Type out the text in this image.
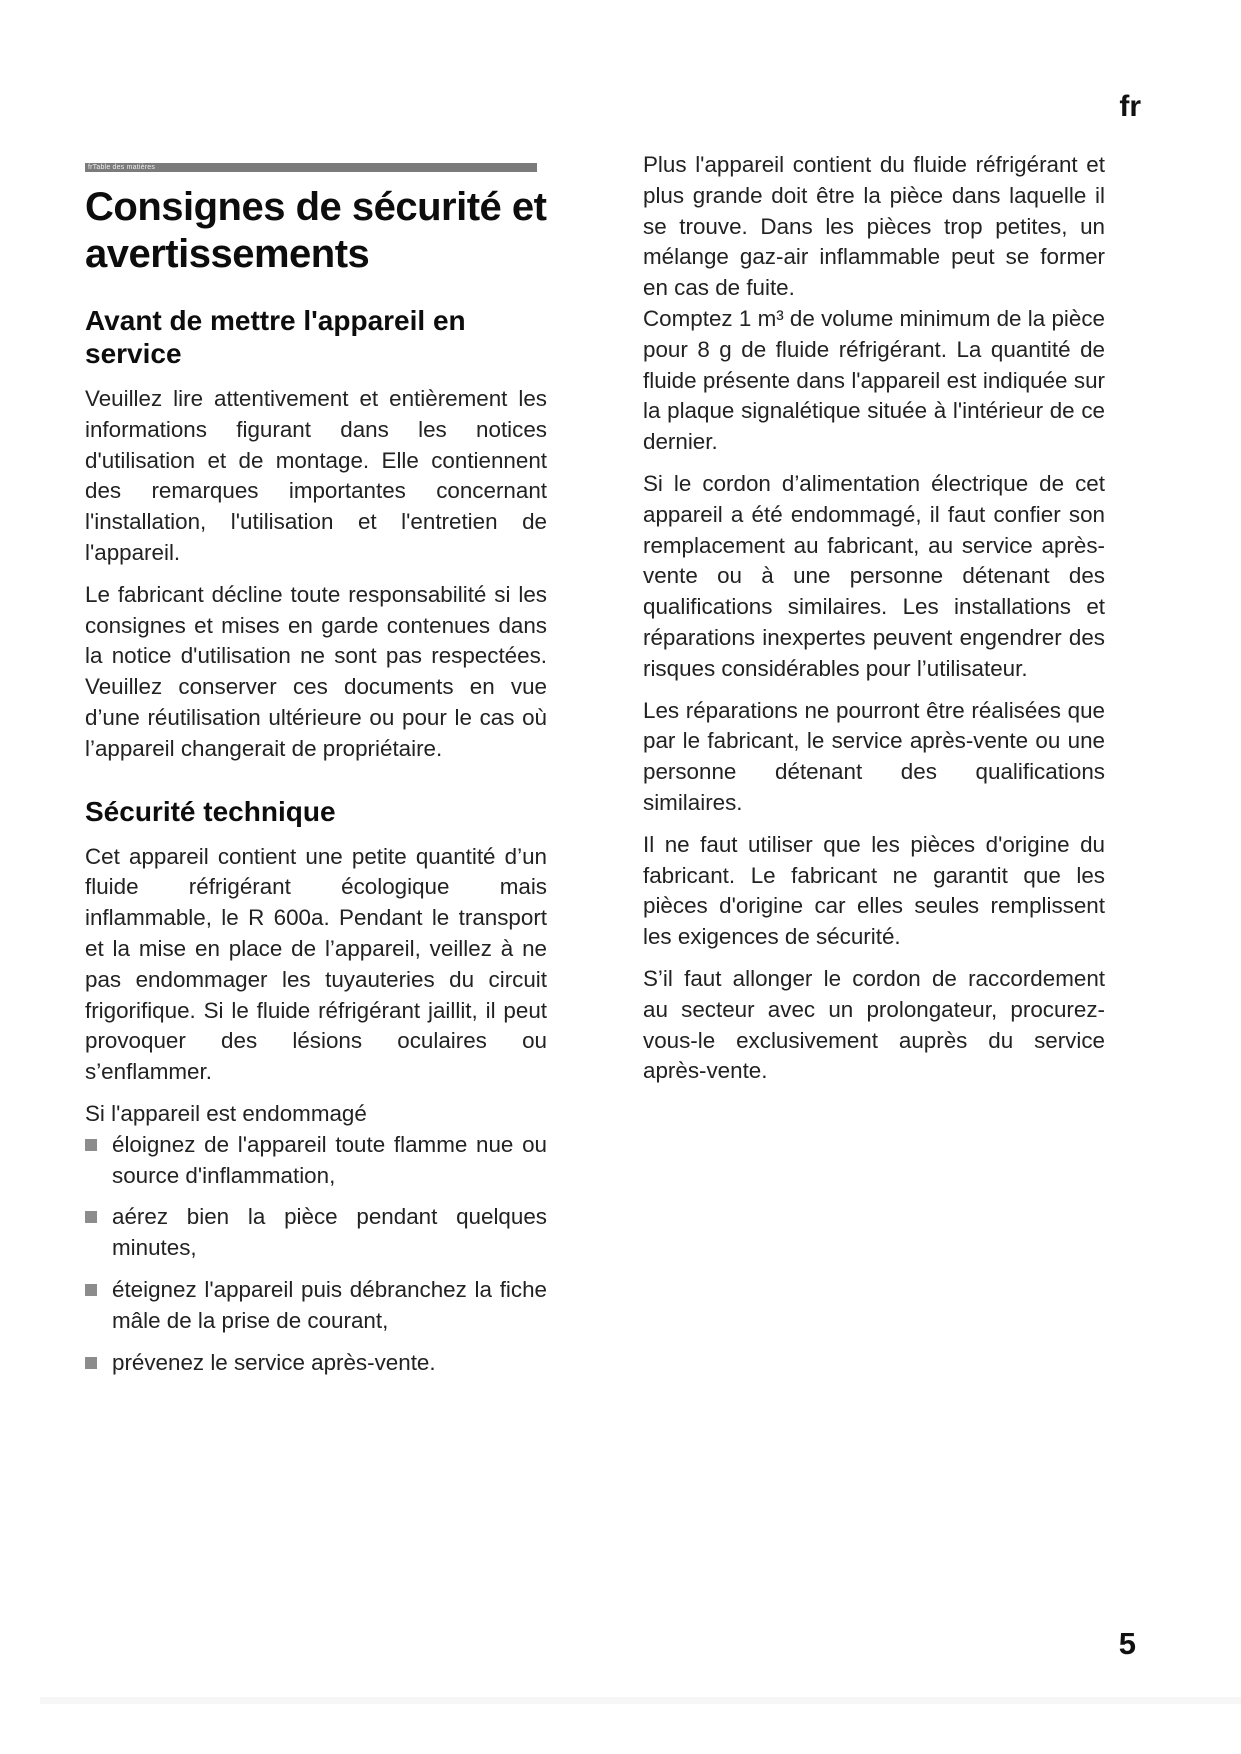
fr
frTable des matières
Consignes de sécurité et avertissements
Avant de mettre l'appareil en service

Veuillez lire attentivement et entièrement les informations figurant dans les notices d'utilisation et de montage. Elle contiennent des remarques importantes concernant l'installation, l'utilisation et l'entretien de l'appareil.

Le fabricant décline toute responsabilité si les consignes et mises en garde contenues dans la notice d'utilisation ne sont pas respectées. Veuillez conserver ces documents en vue d’une réutilisation ultérieure ou pour le cas où l’appareil changerait de propriétaire.

Sécurité technique

Cet appareil contient une petite quantité d’un fluide réfrigérant écologique mais inflammable, le R 600a. Pendant le transport et la mise en place de l’appareil, veillez à ne pas endommager les tuyauteries du circuit frigorifique. Si le fluide réfrigérant jaillit, il peut provoquer des lésions oculaires ou s’enflammer.

Si l'appareil est endommagé

éloignez de l'appareil toute flamme nue ou source d'inflammation,
aérez bien la pièce pendant quelques minutes,
éteignez l'appareil puis débranchez la fiche mâle de la prise de courant,
prévenez le service après-vente.

Plus l'appareil contient du fluide réfrigérant et plus grande doit être la pièce dans laquelle il se trouve. Dans les pièces trop petites, un mélange gaz-air inflammable peut se former en cas de fuite.

Comptez 1 m³ de volume minimum de la pièce pour 8 g de fluide réfrigérant. La quantité de fluide présente dans l'appareil est indiquée sur la plaque signalétique située à l'intérieur de ce dernier.

Si le cordon d’alimentation électrique de cet appareil a été endommagé, il faut confier son remplacement au fabricant, au service après-vente ou à une personne détenant des qualifications similaires. Les installations et réparations inexpertes peuvent engendrer des risques considérables pour l’utilisateur.

Les réparations ne pourront être réalisées que par le fabricant, le service après-vente ou une personne détenant des qualifications similaires.

Il ne faut utiliser que les pièces d'origine du fabricant. Le fabricant ne garantit que les pièces d'origine car elles seules remplissent les exigences de sécurité.

S’il faut allonger le cordon de raccordement au secteur avec un prolongateur, procurez-vous-le exclusivement auprès du service après-vente.

5
